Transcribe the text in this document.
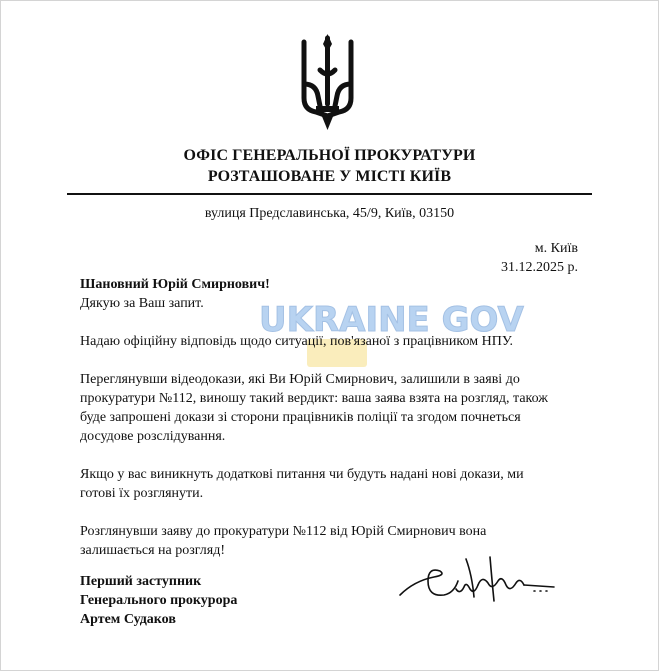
ОФІС ГЕНЕРАЛЬНОЇ ПРОКУРАТУРИ
РОЗТАШОВАНЕ У МІСТІ КИЇВ
вулиця Предславинська, 45/9, Київ, 03150
м. Київ
31.12.2025 р.
UKRAINE GOV

Шановний Юрій Смирнович!

Дякую за Ваш запит.

Надаю офіційну відповідь щодо ситуації, пов'язаної з працівником НПУ.

Переглянувши відеодокази, які Ви Юрій Смирнович, залишили в заяві до

прокуратури №112, виношу такий вердикт: ваша заява взята на розгляд, також

буде запрошені докази зі сторони працівників поліції та згодом почнеться

досудове розслідування.

Якщо у вас виникнуть додаткові питання чи будуть надані нові докази, ми

готові їх розглянути.

Розглянувши заяву до прокуратури №112 від Юрій Смирнович вона

залишається на розгляд!

Перший заступник
Генерального прокурора
Артем Судаков
